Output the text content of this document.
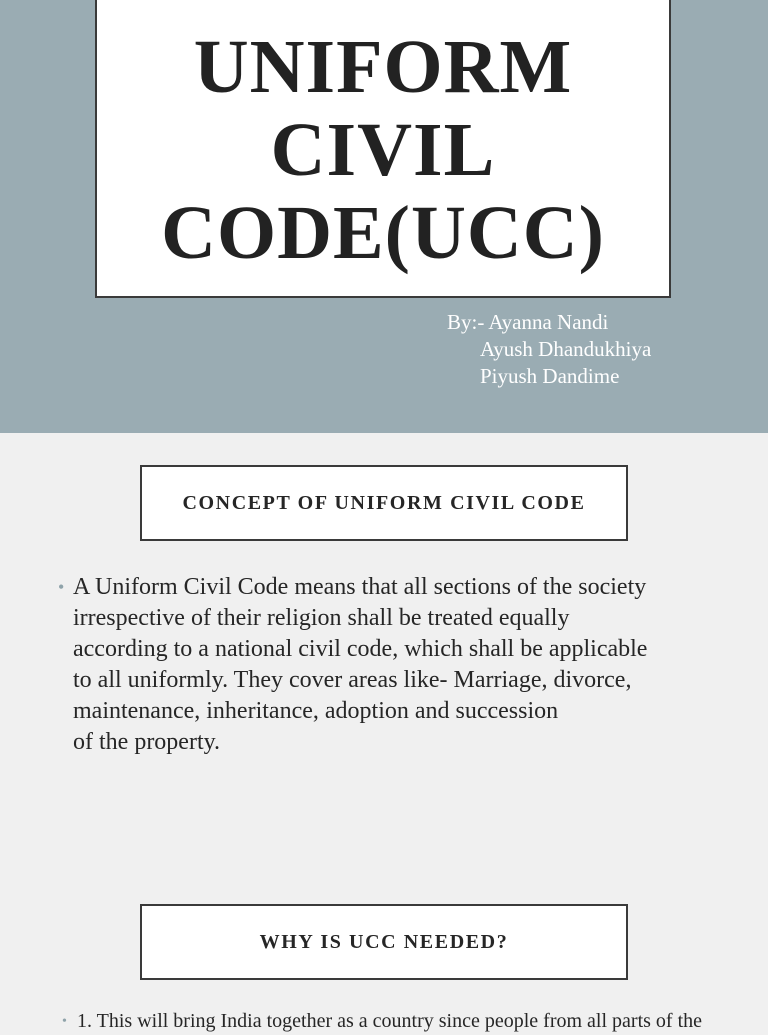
UNIFORM
CIVIL
CODE(UCC)
By:- Ayanna Nandi
Ayush Dhandukhiya
Piyush Dandime
CONCEPT OF UNIFORM CIVIL CODE
• A Uniform Civil Code means that all sections of the society
irrespective of their religion shall be treated equally
according to a national civil code, which shall be applicable
to all uniformly. They cover areas like- Marriage, divorce,
maintenance, inheritance, adoption and succession
of the property.
WHY IS UCC NEEDED?
• 1. This will bring India together as a country since people from all parts of the
